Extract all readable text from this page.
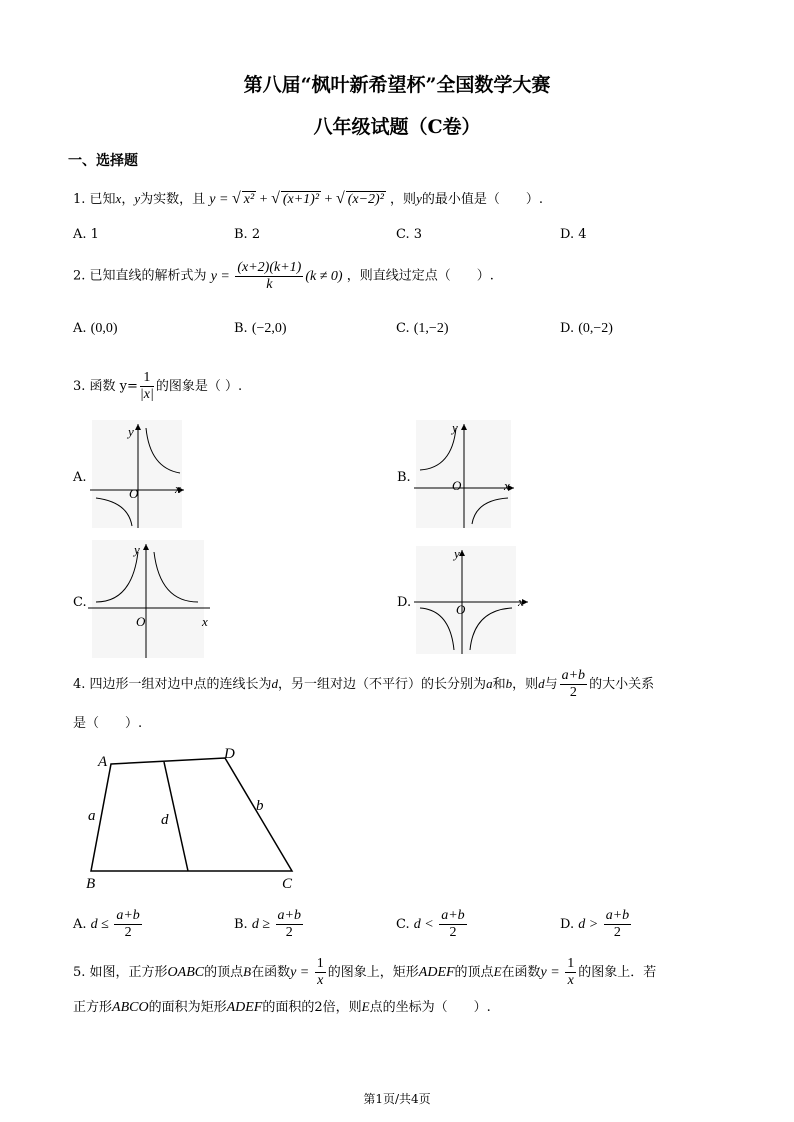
第八届“枫叶新希望杯”全国数学大赛
八年级试题（C卷）
一、选择题
1. 已知x，y为实数，且 y = √ x² + √ (x+1)² + √ (x−2)² ，则y的最小值是（　　）.
A. 1	B. 2	C. 3	D. 4
2. 已知直线的解析式为 $y = \frac{(x+2)(k+1)}{k} (k \ne 0)$ ，则直线过定点（　　）.
A. (0,0)	B. (−2,0)	C. (1,−2)	D. (0,−2)
3. 函数 $y= \frac{1}{|x|}$ 的图象是（ ）.
A.
y
x
O
B.
y
x
O
C.
y
x
O
D.
y
x
O
4. 四边形一组对边中点的连线长为d，另一组对边（不平行）的长分别为a和b，则d与 $\frac{a+b}{2}$ 的大小关系
是（　　）.
A	D
B	C
a
b
d
A. $d \le \frac{a+b}{2}$	B. $d \ge \frac{a+b}{2}$	C. $d < \frac{a+b}{2}$	D. $d > \frac{a+b}{2}$
5. 如图，正方形OABC的顶点B在函数$y = \frac{1}{x}$ 的图象上，矩形ADEF的顶点E在函数$y = \frac{1}{x}$ 的图象上．若
正方形ABCO的面积为矩形ADEF的面积的2倍，则E点的坐标为（　　）.
第1页/共4页
